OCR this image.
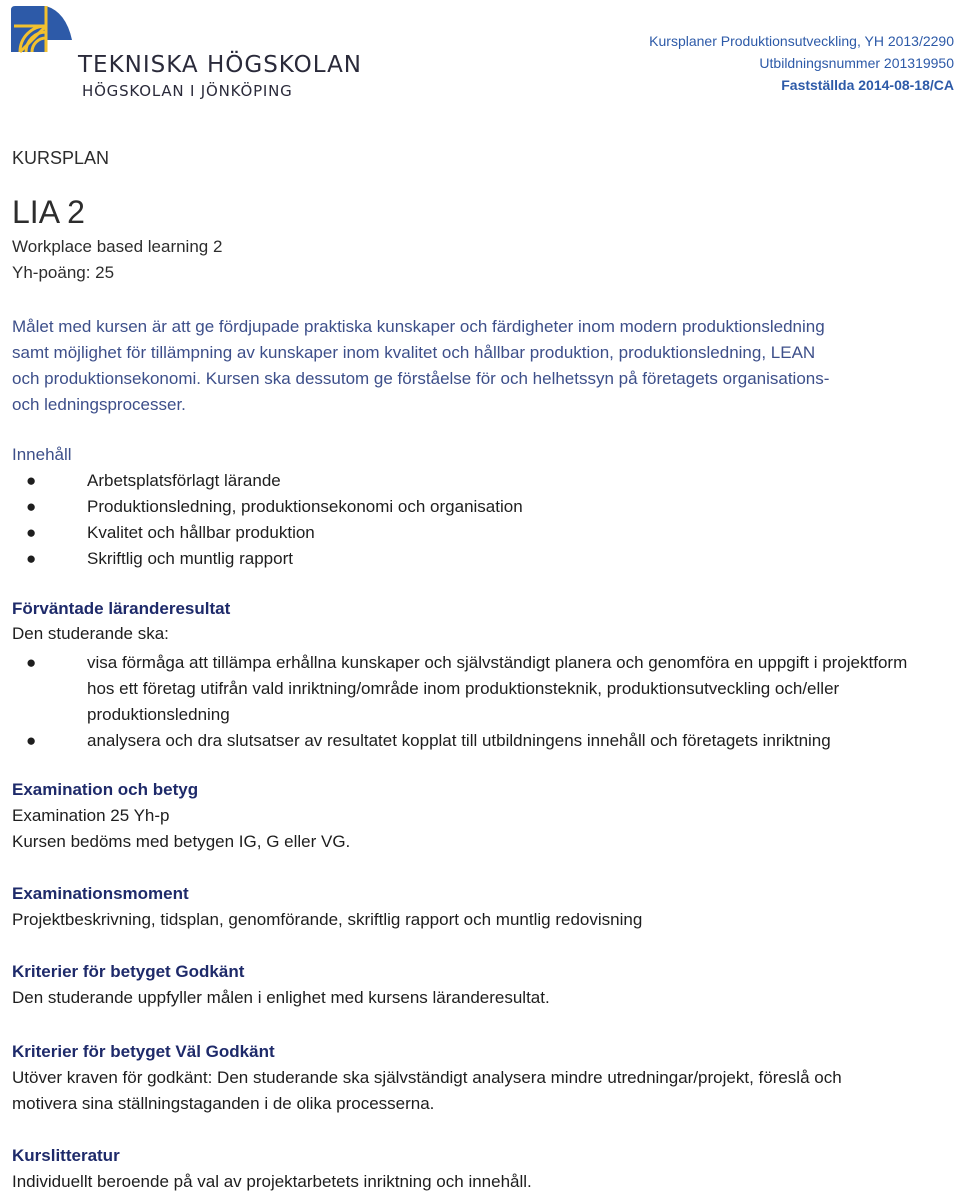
TEKNISKA HÖGSKOLAN
HÖGSKOLAN I JÖNKÖPING
Kursplaner Produktionsutveckling, YH 2013/2290
Utbildningsnummer 201319950
Fastställda 2014-08-18/CA
KURSPLAN
LIA 2
Workplace based learning 2
Yh-poäng: 25
Målet med kursen är att ge fördjupade praktiska kunskaper och färdigheter inom modern produktionsledning
samt möjlighet för tillämpning av kunskaper inom kvalitet och hållbar produktion, produktionsledning, LEAN
och produktionsekonomi. Kursen ska dessutom ge förståelse för och helhetssyn på företagets organisations-
och ledningsprocesser.
Innehåll
●	Arbetsplatsförlagt lärande
●	Produktionsledning, produktionsekonomi och organisation
●	Kvalitet och hållbar produktion
●	Skriftlig och muntlig rapport
Förväntade läranderesultat
Den studerande ska:
●	visa förmåga att tillämpa erhållna kunskaper och självständigt planera och genomföra en uppgift i projektform hos ett företag utifrån vald inriktning/område inom produktionsteknik, produktionsutveckling och/eller produktionsledning
●	analysera och dra slutsatser av resultatet kopplat till utbildningens innehåll och företagets inriktning
Examination och betyg
Examination 25 Yh-p
Kursen bedöms med betygen IG, G eller VG.
Examinationsmoment
Projektbeskrivning, tidsplan, genomförande, skriftlig rapport och muntlig redovisning
Kriterier för betyget Godkänt
Den studerande uppfyller målen i enlighet med kursens läranderesultat.
Kriterier för betyget Väl Godkänt
Utöver kraven för godkänt: Den studerande ska självständigt analysera mindre utredningar/projekt, föreslå och
motivera sina ställningstaganden i de olika processerna.
Kurslitteratur
Individuellt beroende på val av projektarbetets inriktning och innehåll.
